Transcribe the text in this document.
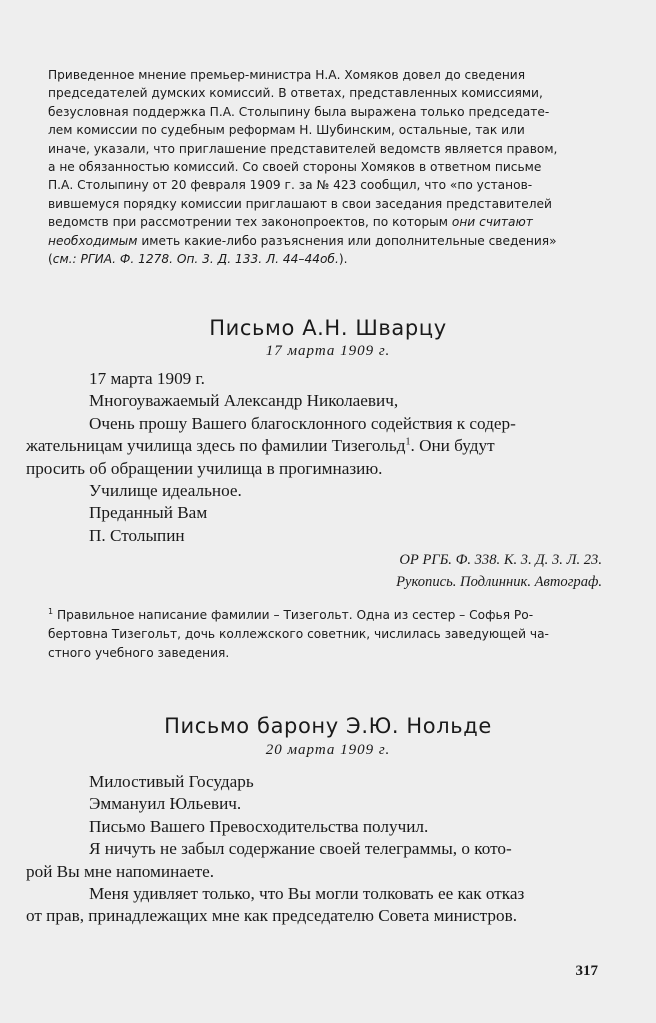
Приведенное мнение премьер-министра Н.А. Хомяков довел до сведения

председателей думских комиссий. В ответах, представленных комиссиями,

безусловная поддержка П.А. Столыпину была выражена только председате-

лем комиссии по судебным реформам Н. Шубинским, остальные, так или

иначе, указали, что приглашение представителей ведомств является правом,

а не обязанностью комиссий. Со своей стороны Хомяков в ответном письме

П.А. Столыпину от 20 февраля 1909 г. за № 423 сообщил, что «по установ-

вившемуся порядку комиссии приглашают в свои заседания представителей

ведомств при рассмотрении тех законопроектов, по которым они считают

необходимым иметь какие-либо разъяснения или дополнительные сведения»

(см.: РГИА. Ф. 1278. Оп. 3. Д. 133. Л. 44–44об.).

Письмо А.Н. Шварцу
17 марта 1909 г.
17 марта 1909 г.
Многоуважаемый Александр Николаевич,
Очень прошу Вашего благосклонного содействия к содер-
жательницам училища здесь по фамилии Тизегольд$^1$. Они будут
просить об обращении училища в прогимназию.
Училище идеальное.
Преданный Вам
П. Столыпин
ОР РГБ. Ф. 338. К. 3. Д. 3. Л. 23.
Рукопись. Подлинник. Автограф.

$^1$ Правильное написание фамилии – Тизегольт. Одна из сестер – Софья Ро-

бертовна Тизегольт, дочь коллежского советник, числилась заведующей ча-

стного учебного заведения.

Письмо барону Э.Ю. Нольде
20 марта 1909 г.
Милостивый Государь
Эммануил Юльевич.
Письмо Вашего Превосходительства получил.
Я ничуть не забыл содержание своей телеграммы, о кото-
рой Вы мне напоминаете.
Меня удивляет только, что Вы могли толковать ее как отказ
от прав, принадлежащих мне как председателю Совета министров.
317
